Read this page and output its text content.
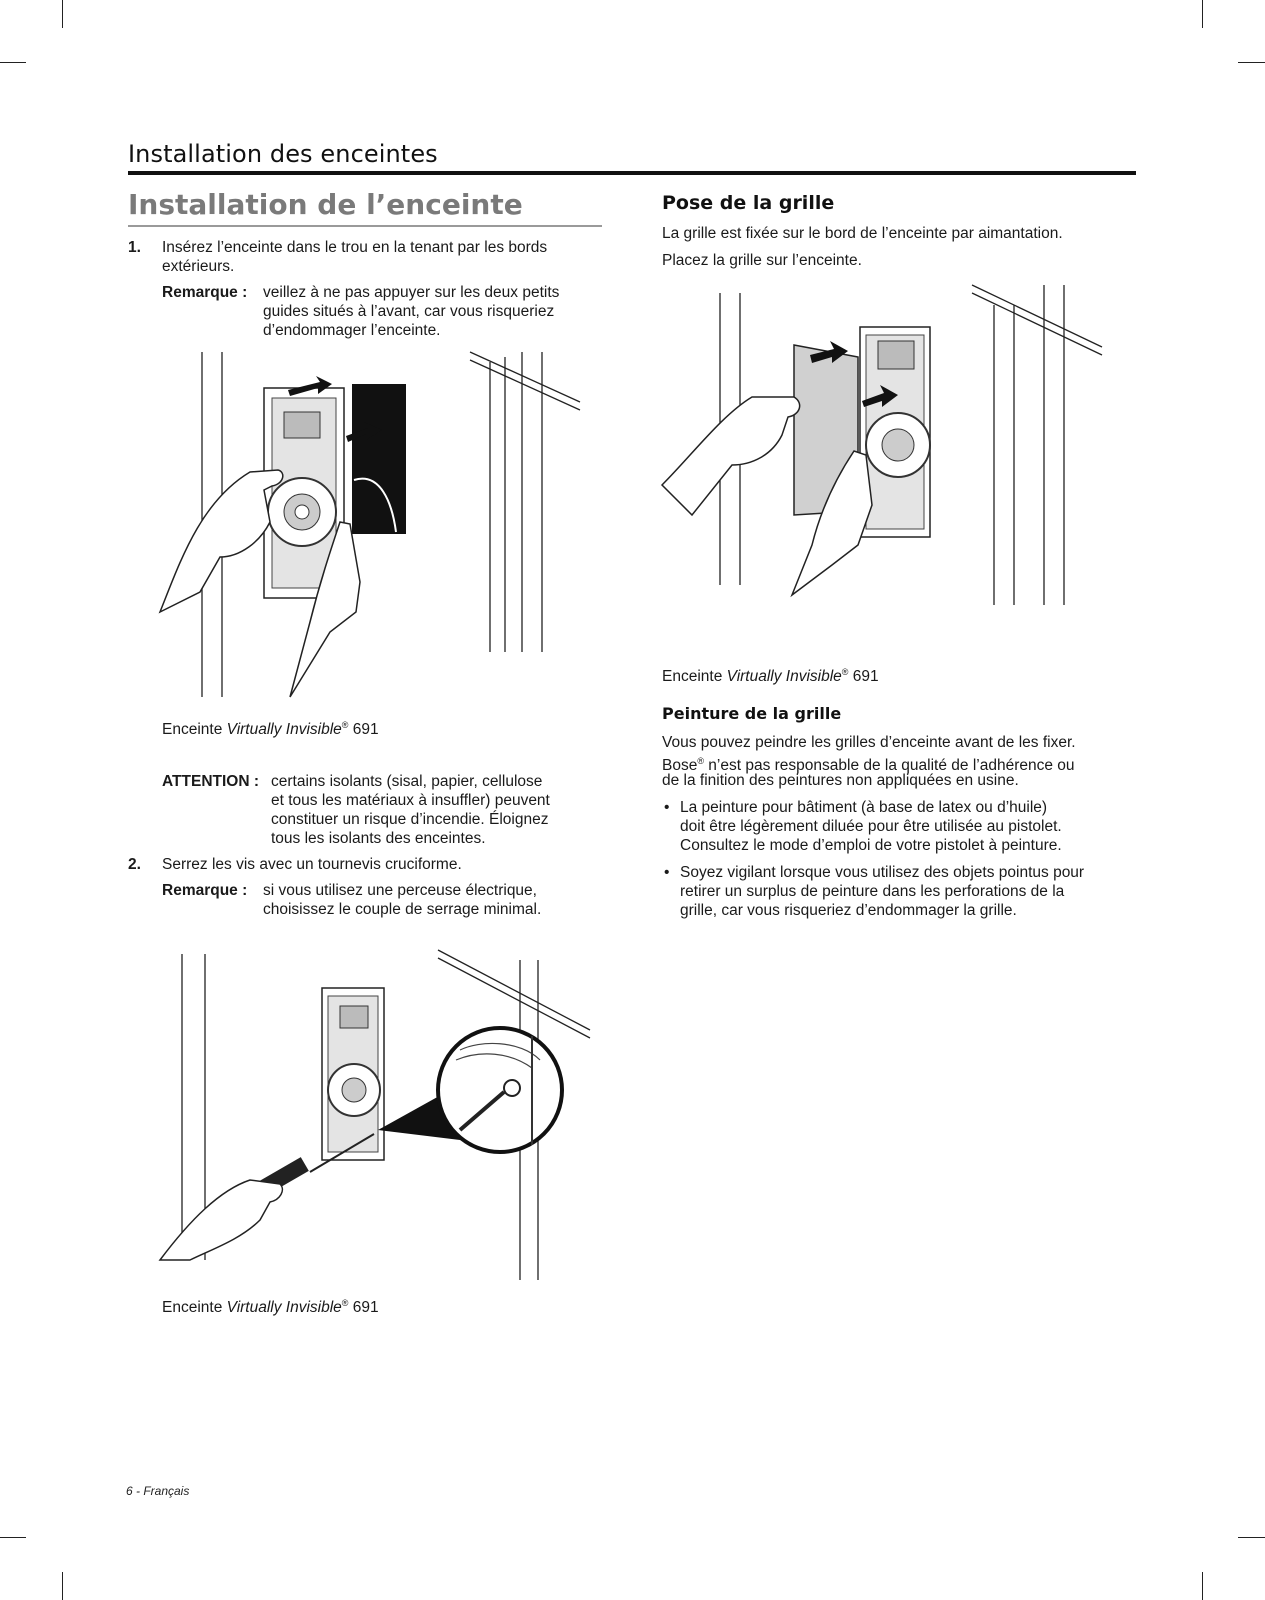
Installation des enceintes
Installation de l’enceinte
1. Insérez l’enceinte dans le trou en la tenant par les bords
extérieurs.
Remarque : veillez à ne pas appuyer sur les deux petits
guides situés à l’avant, car vous risqueriez
d’endommager l’enceinte.
Enceinte Virtually Invisible® 691
ATTENTION : certains isolants (sisal, papier, cellulose
et tous les matériaux à insuffler) peuvent
constituer un risque d’incendie. Éloignez
tous les isolants des enceintes.
2. Serrez les vis avec un tournevis cruciforme.
Remarque : si vous utilisez une perceuse électrique,
choisissez le couple de serrage minimal.
Enceinte Virtually Invisible® 691
Pose de la grille
La grille est fixée sur le bord de l’enceinte par aimantation.
Placez la grille sur l’enceinte.
Enceinte Virtually Invisible® 691
Peinture de la grille
Vous pouvez peindre les grilles d’enceinte avant de les fixer.
Bose® n’est pas responsable de la qualité de l’adhérence ou
de la finition des peintures non appliquées en usine.
• La peinture pour bâtiment (à base de latex ou d’huile)
doit être légèrement diluée pour être utilisée au pistolet.
Consultez le mode d’emploi de votre pistolet à peinture.
• Soyez vigilant lorsque vous utilisez des objets pointus pour
retirer un surplus de peinture dans les perforations de la
grille, car vous risqueriez d’endommager la grille.
6 - Français
